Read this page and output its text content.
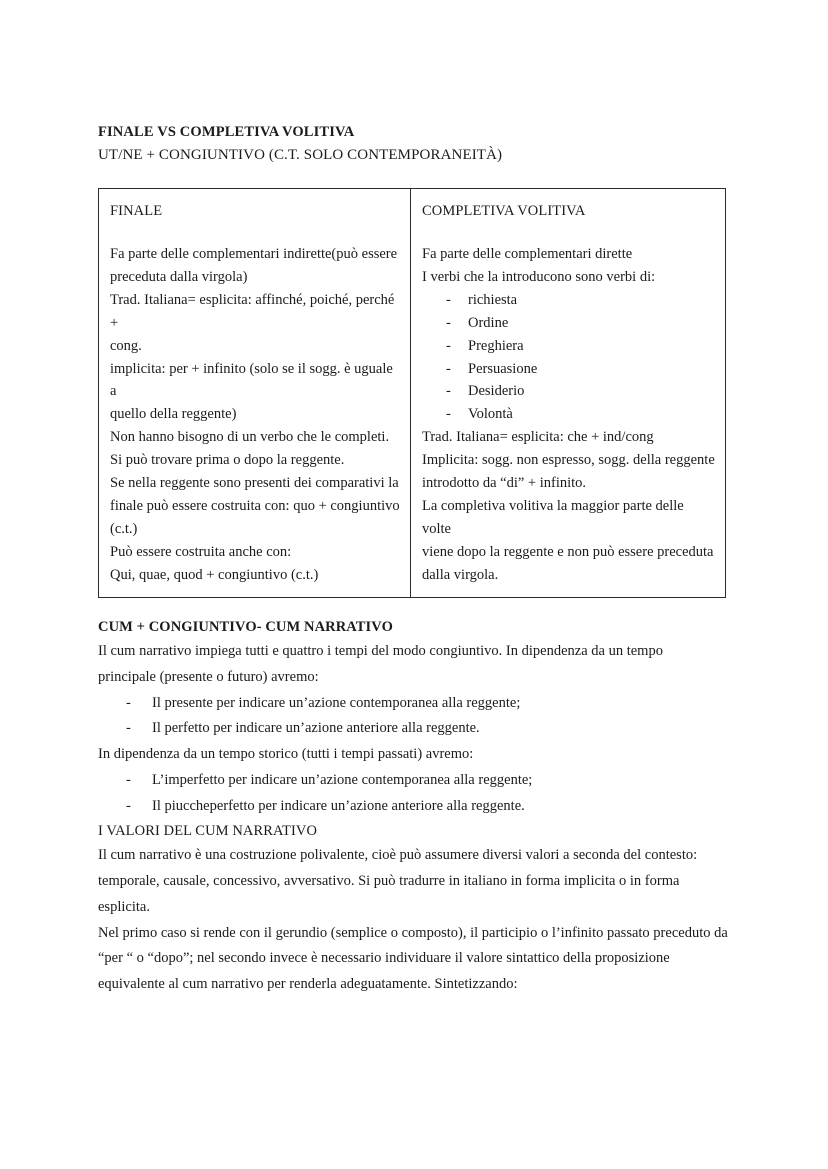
FINALE VS COMPLETIVA VOLITIVA
UT/NE + CONGIUNTIVO (C.T. SOLO CONTEMPORANEITÀ)
FINALE

Fa parte delle complementari indirette(può essere

preceduta dalla virgola)

Trad. Italiana= esplicita: affinché, poiché, perché +

cong.

implicita: per + infinito (solo se il sogg. è uguale a

quello della reggente)

Non hanno bisogno di un verbo che le completi.

Si può trovare prima o dopo la reggente.

Se nella reggente sono presenti dei comparativi la

finale può essere costruita con: quo + congiuntivo

(c.t.)

Può essere costruita anche con:

Qui, quae, quod + congiuntivo (c.t.)

COMPLETIVA VOLITIVA

Fa parte delle complementari dirette

I verbi che la introducono sono verbi di:

-	richiesta
-	Ordine
-	Preghiera
-	Persuasione
-	Desiderio
-	Volontà

Trad. Italiana= esplicita: che + ind/cong

Implicita: sogg. non espresso, sogg. della reggente

introdotto da “di” + infinito.

La completiva volitiva la maggior parte delle volte

viene dopo la reggente e non può essere preceduta

dalla virgola.

CUM + CONGIUNTIVO- CUM NARRATIVO

Il cum narrativo impiega tutti e quattro i tempi del modo congiuntivo. In dipendenza da un tempo

principale (presente o futuro) avremo:

-	Il presente per indicare un’azione contemporanea alla reggente;
-	Il perfetto per indicare un’azione anteriore alla reggente.

In dipendenza da un tempo storico (tutti i tempi passati) avremo:

-	L’imperfetto per indicare un’azione contemporanea alla reggente;
-	Il piuccheperfetto per indicare un’azione anteriore alla reggente.

I VALORI DEL CUM NARRATIVO

Il cum narrativo è una costruzione polivalente, cioè può assumere diversi valori a seconda del contesto:

temporale, causale, concessivo, avversativo. Si può tradurre in italiano in forma implicita o in forma esplicita.

Nel primo caso si rende con il gerundio (semplice o composto), il participio o l’infinito passato preceduto da

“per “ o “dopo”; nel secondo invece è necessario individuare il valore sintattico della proposizione

equivalente al cum narrativo per renderla adeguatamente. Sintetizzando:
